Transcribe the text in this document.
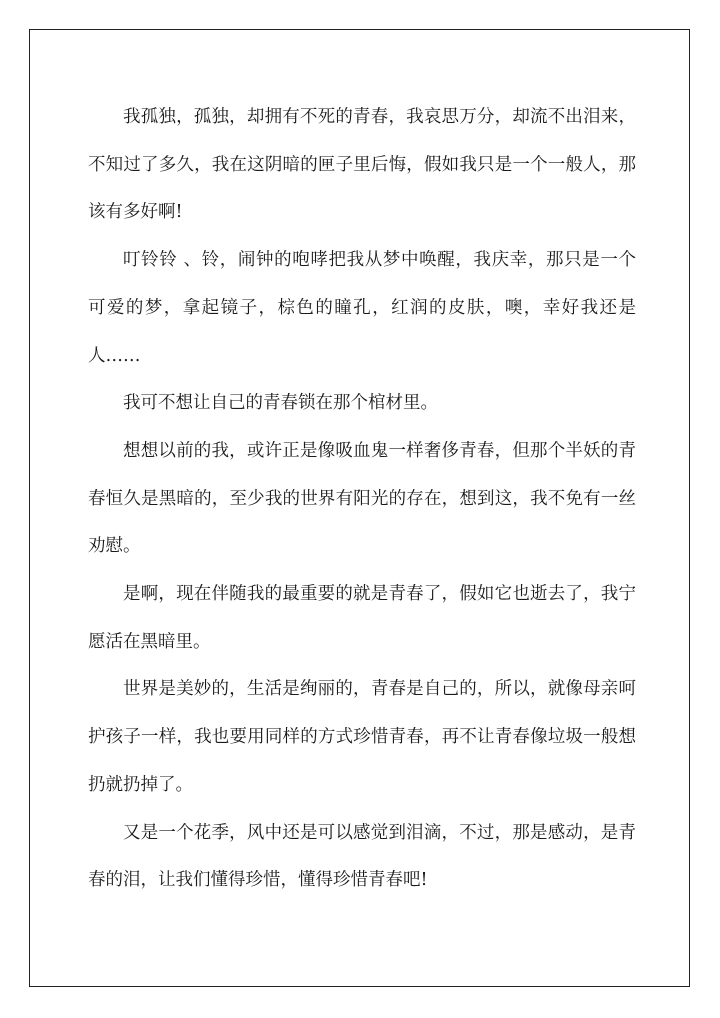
我孤独，孤独，却拥有不死的青春，我哀思万分，却流不出泪来，不知过了多久，我在这阴暗的匣子里后悔，假如我只是一个一般人，那该有多好啊!

叮铃铃 、铃，闹钟的咆哮把我从梦中唤醒，我庆幸，那只是一个可爱的梦，拿起镜子，棕色的瞳孔，红润的皮肤，噢，幸好我还是人……

我可不想让自己的青春锁在那个棺材里。

想想以前的我，或许正是像吸血鬼一样奢侈青春，但那个半妖的青春恒久是黑暗的，至少我的世界有阳光的存在，想到这，我不免有一丝劝慰。

是啊，现在伴随我的最重要的就是青春了，假如它也逝去了，我宁愿活在黑暗里。

世界是美妙的，生活是绚丽的，青春是自己的，所以，就像母亲呵护孩子一样，我也要用同样的方式珍惜青春，再不让青春像垃圾一般想扔就扔掉了。

又是一个花季，风中还是可以感觉到泪滴，不过，那是感动，是青春的泪，让我们懂得珍惜，懂得珍惜青春吧!
